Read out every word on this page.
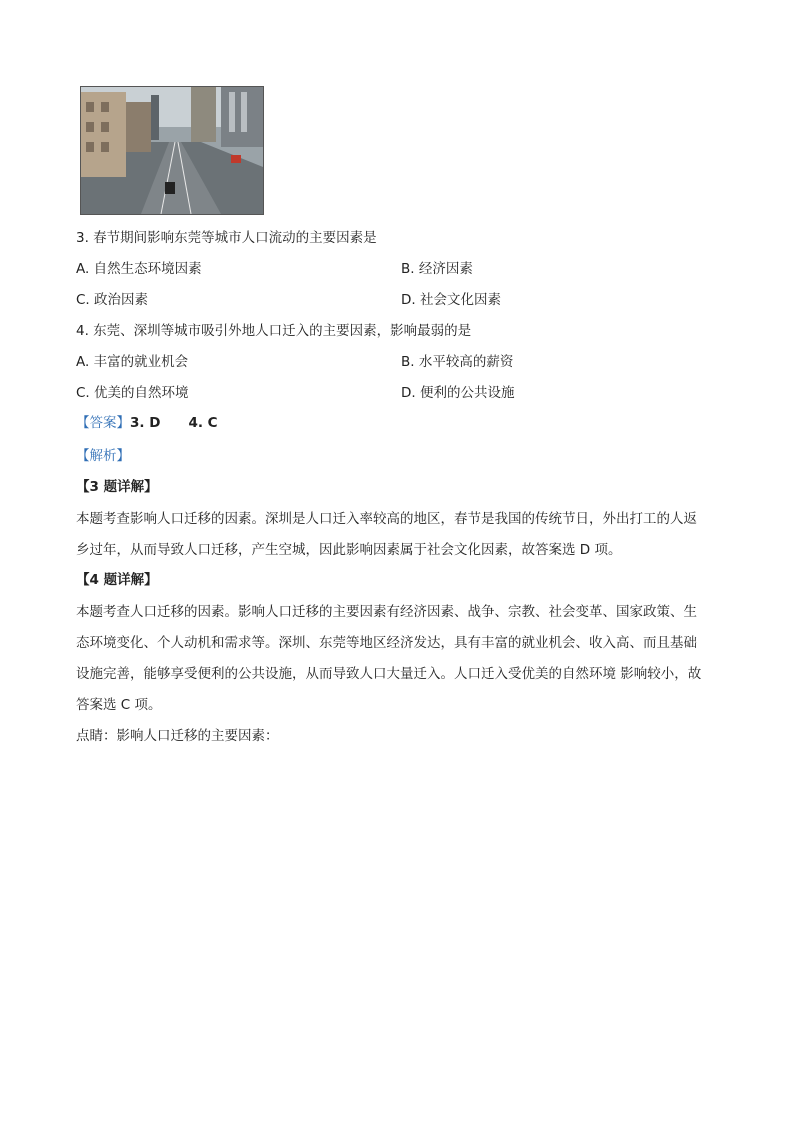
3. 春节期间影响东莞等城市人口流动的主要因素是
A. 自然生态环境因素	B. 经济因素
C. 政治因素	D. 社会文化因素
4. 东莞、深圳等城市吸引外地人口迁入的主要因素，影响最弱的是
A. 丰富的就业机会	B. 水平较高的薪资
C. 优美的自然环境	D. 便利的公共设施
【答案】3. D 4. C
【解析】
【3 题详解】
本题考查影响人口迁移的因素。深圳是人口迁入率较高的地区，春节是我国的传统节日，外出打工的人返
乡过年，从而导致人口迁移，产生空城，因此影响因素属于社会文化因素，故答案选 D 项。
【4 题详解】
本题考查人口迁移的因素。影响人口迁移的主要因素有经济因素、战争、宗教、社会变革、国家政策、生
态环境变化、个人动机和需求等。深圳、东莞等地区经济发达，具有丰富的就业机会、收入高、而且基础
设施完善，能够享受便利的公共设施，从而导致人口大量迁入。人口迁入受优美的自然环境 影响较小，故
答案选 C 项。
点睛：影响人口迁移的主要因素：
